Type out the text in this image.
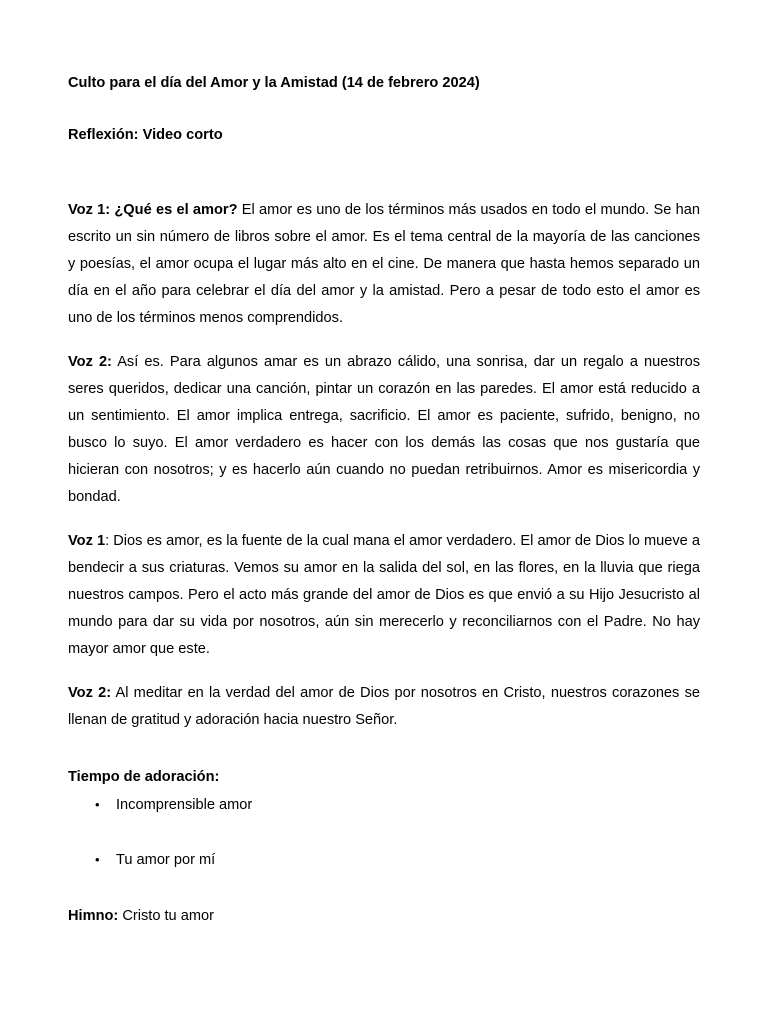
Culto para el día del Amor y la Amistad (14 de febrero 2024)

Reflexión: Video corto

Voz 1: ¿Qué es el amor? El amor es uno de los términos más usados en todo el mundo. Se han escrito un sin número de libros sobre el amor. Es el tema central de la mayoría de las canciones y poesías, el amor ocupa el lugar más alto en el cine. De manera que hasta hemos separado un día en el año para celebrar el día del amor y la amistad. Pero a pesar de todo esto el amor es uno de los términos menos comprendidos.

Voz 2: Así es. Para algunos amar es un abrazo cálido, una sonrisa, dar un regalo a nuestros seres queridos, dedicar una canción, pintar un corazón en las paredes. El amor está reducido a un sentimiento. El amor implica entrega, sacrificio. El amor es paciente, sufrido, benigno, no busco lo suyo. El amor verdadero es hacer con los demás las cosas que nos gustaría que hicieran con nosotros; y es hacerlo aún cuando no puedan retribuirnos. Amor es misericordia y bondad.

Voz 1: Dios es amor, es la fuente de la cual mana el amor verdadero. El amor de Dios lo mueve a bendecir a sus criaturas. Vemos su amor en la salida del sol, en las flores, en la lluvia que riega nuestros campos. Pero el acto más grande del amor de Dios es que envió a su Hijo Jesucristo al mundo para dar su vida por nosotros, aún sin merecerlo y reconciliarnos con el Padre. No hay mayor amor que este.

Voz 2: Al meditar en la verdad del amor de Dios por nosotros en Cristo, nuestros corazones se llenan de gratitud y adoración hacia nuestro Señor.

Tiempo de adoración:

• Incomprensible amor
• Tu amor por mí

Himno: Cristo tu amor
